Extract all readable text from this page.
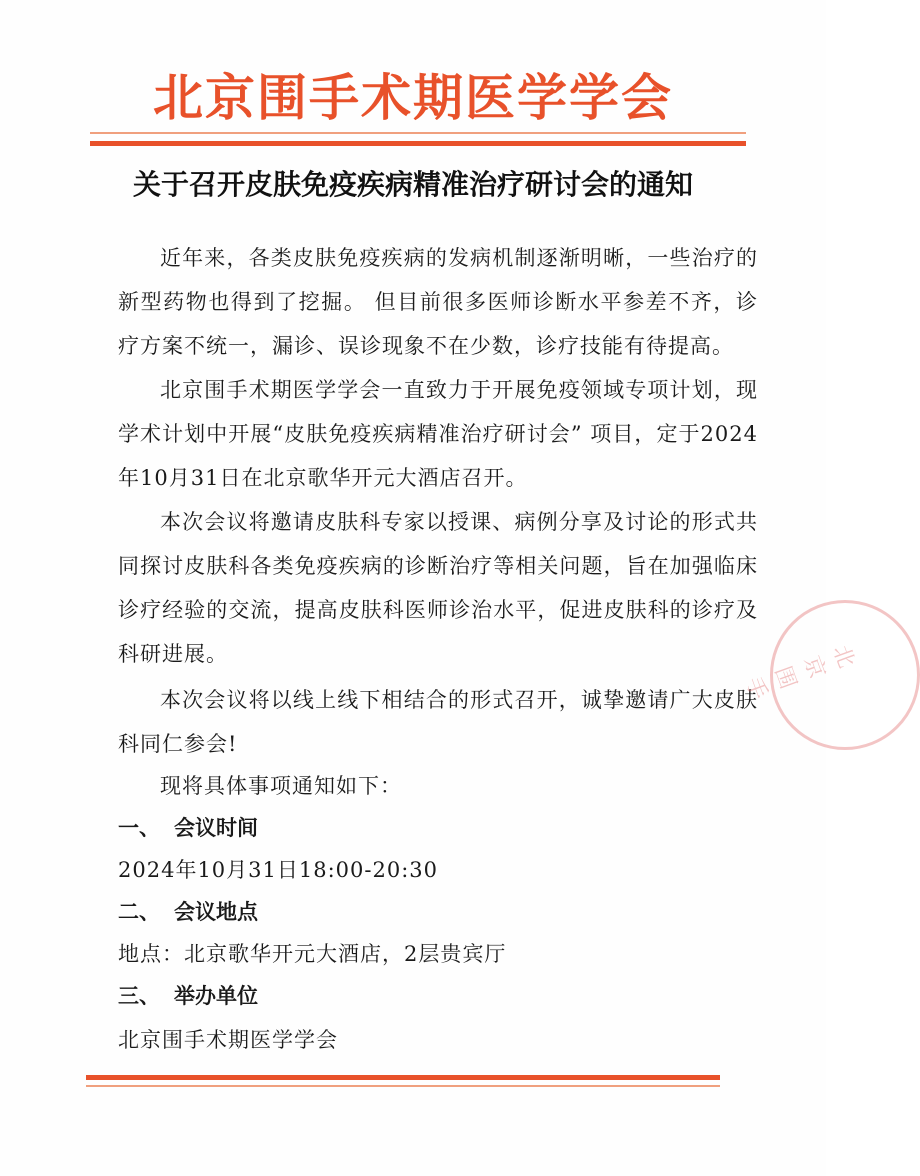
北京围手术期医学学会
关于召开皮肤免疫疾病精准治疗研讨会的通知

近年来，各类皮肤免疫疾病的发病机制逐渐明晰，一些治疗的新型药物也得到了挖掘。 但目前很多医师诊断水平参差不齐，诊疗方案不统一，漏诊、误诊现象不在少数，诊疗技能有待提高。

北京围手术期医学学会一直致力于开展免疫领域专项计划，现学术计划中开展“皮肤免疫疾病精准治疗研讨会” 项目，定于2024年10月31日在北京歌华开元大酒店召开。

本次会议将邀请皮肤科专家以授课、病例分享及讨论的形式共同探讨皮肤科各类免疫疾病的诊断治疗等相关问题，旨在加强临床诊疗经验的交流，提高皮肤科医师诊治水平，促进皮肤科的诊疗及科研进展。

本次会议将以线上线下相结合的形式召开，诚挚邀请广大皮肤科同仁参会!

现将具体事项通知如下：

一、 会议时间

2024年10月31日18:00-20:30

二、 会议地点

地点：北京歌华开元大酒店，2层贵宾厅

三、 举办单位

北京围手术期医学学会

北京围手
